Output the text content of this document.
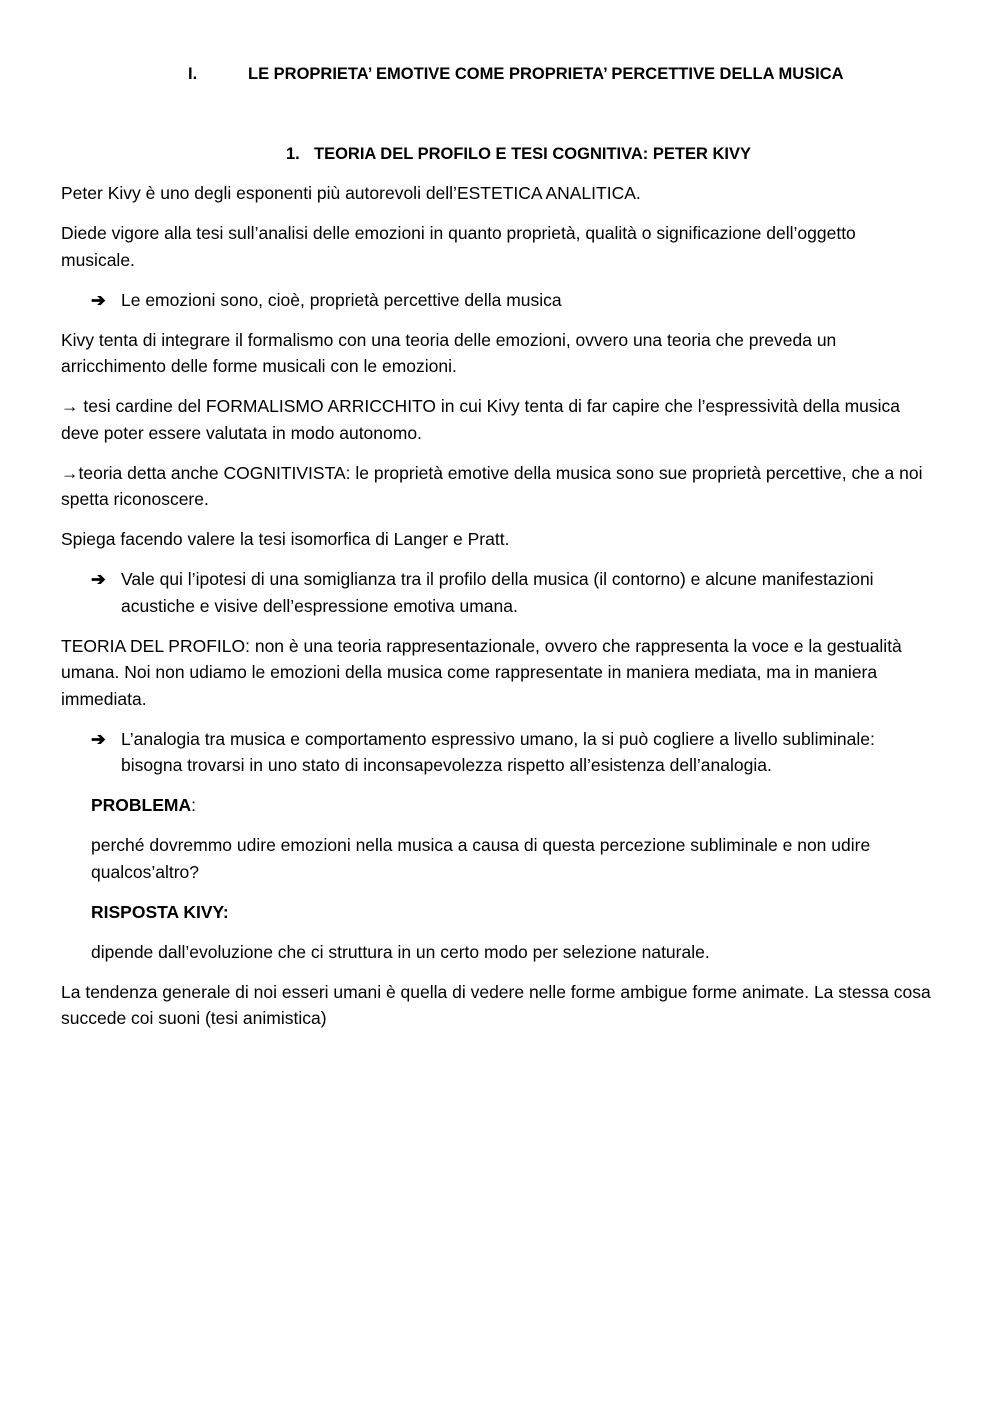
I.	LE PROPRIETA’ EMOTIVE COME PROPRIETA’ PERCETTIVE DELLA MUSICA
1. TEORIA DEL PROFILO E TESI COGNITIVA: PETER KIVY

Peter Kivy è uno degli esponenti più autorevoli dell’ESTETICA ANALITICA.

Diede vigore alla tesi sull’analisi delle emozioni in quanto proprietà, qualità o significazione dell’oggetto musicale.

➔ Le emozioni sono, cioè, proprietà percettive della musica

Kivy tenta di integrare il formalismo con una teoria delle emozioni, ovvero una teoria che preveda un arricchimento delle forme musicali con le emozioni.

→ tesi cardine del FORMALISMO ARRICCHITO in cui Kivy tenta di far capire che l’espressività della musica deve poter essere valutata in modo autonomo.

→teoria detta anche COGNITIVISTA: le proprietà emotive della musica sono sue proprietà percettive, che a noi spetta riconoscere.

Spiega facendo valere la tesi isomorfica di Langer e Pratt.

➔ Vale qui l’ipotesi di una somiglianza tra il profilo della musica (il contorno) e alcune manifestazioni acustiche e visive dell’espressione emotiva umana.

TEORIA DEL PROFILO: non è una teoria rappresentazionale, ovvero che rappresenta la voce e la gestualità umana. Noi non udiamo le emozioni della musica come rappresentate in maniera mediata, ma in maniera immediata.

➔ L’analogia tra musica e comportamento espressivo umano, la si può cogliere a livello subliminale: bisogna trovarsi in uno stato di inconsapevolezza rispetto all’esistenza dell’analogia.

PROBLEMA:

perché dovremmo udire emozioni nella musica a causa di questa percezione subliminale e non udire qualcos’altro?

RISPOSTA KIVY:

dipende dall’evoluzione che ci struttura in un certo modo per selezione naturale.

La tendenza generale di noi esseri umani è quella di vedere nelle forme ambigue forme animate. La stessa cosa succede coi suoni (tesi animistica)
